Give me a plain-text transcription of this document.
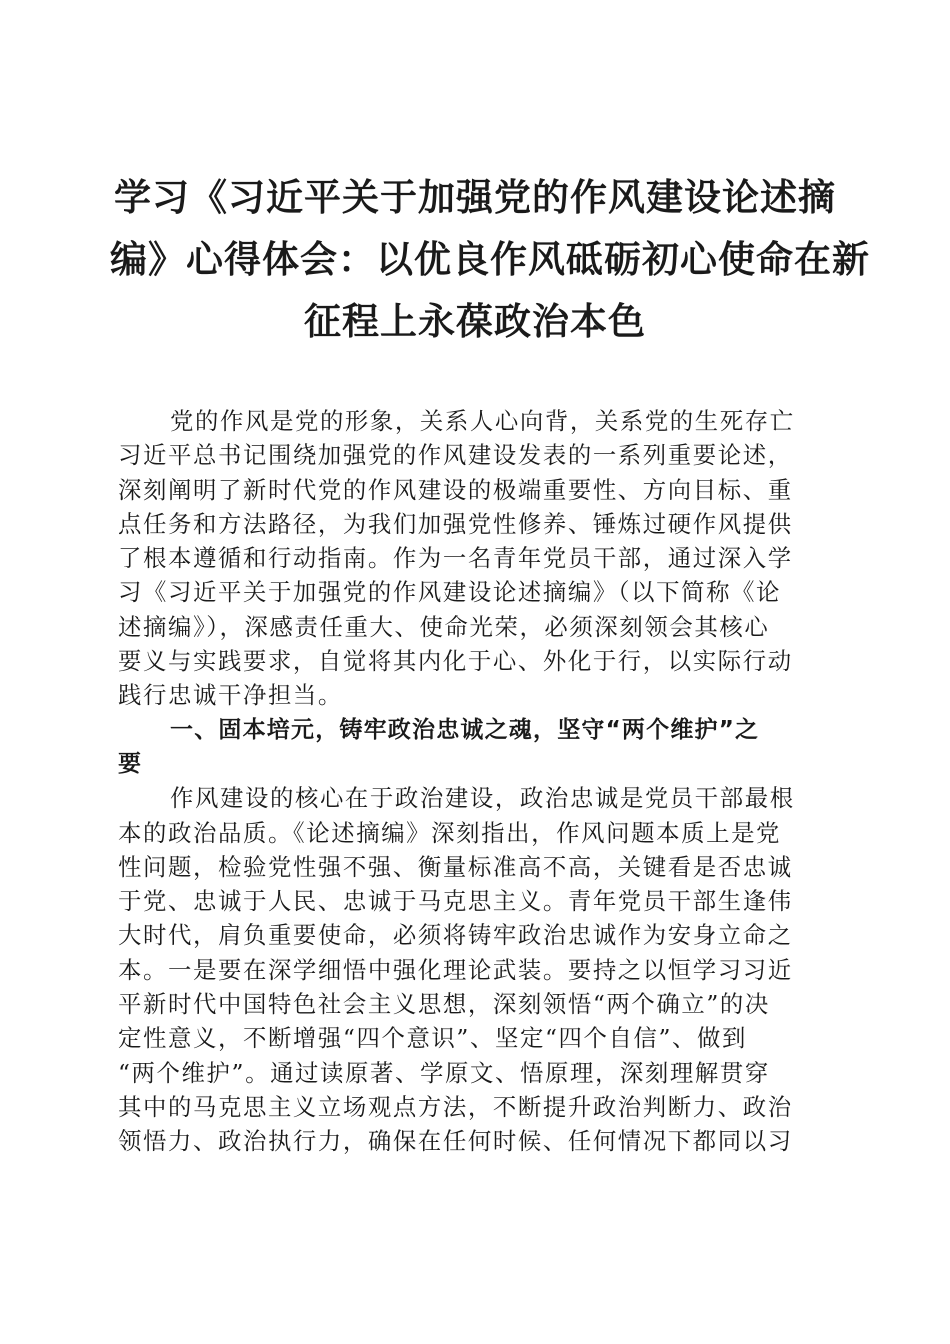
学习《习近平关于加强党的作风建设论述摘
编》心得体会：以优良作风砥砺初心使命在新
征程上永葆政治本色
党的作风是党的形象，关系人心向背，关系党的生死存亡
习近平总书记围绕加强党的作风建设发表的一系列重要论述，
深刻阐明了新时代党的作风建设的极端重要性、方向目标、重
点任务和方法路径，为我们加强党性修养、锤炼过硬作风提供
了根本遵循和行动指南。作为一名青年党员干部，通过深入学
习《习近平关于加强党的作风建设论述摘编》（以下简称《论
述摘编》），深感责任重大、使命光荣，必须深刻领会其核心
要义与实践要求，自觉将其内化于心、外化于行，以实际行动
践行忠诚干净担当。
一、固本培元，铸牢政治忠诚之魂，坚守“两个维护”之
要
作风建设的核心在于政治建设，政治忠诚是党员干部最根
本的政治品质。《论述摘编》深刻指出，作风问题本质上是党
性问题，检验党性强不强、衡量标准高不高，关键看是否忠诚
于党、忠诚于人民、忠诚于马克思主义。青年党员干部生逢伟
大时代，肩负重要使命，必须将铸牢政治忠诚作为安身立命之
本。一是要在深学细悟中强化理论武装。要持之以恒学习习近
平新时代中国特色社会主义思想，深刻领悟“两个确立”的决
定性意义，不断增强“四个意识”、坚定“四个自信”、做到
“两个维护”。通过读原著、学原文、悟原理，深刻理解贯穿
其中的马克思主义立场观点方法，不断提升政治判断力、政治
领悟力、政治执行力，确保在任何时候、任何情况下都同以习
